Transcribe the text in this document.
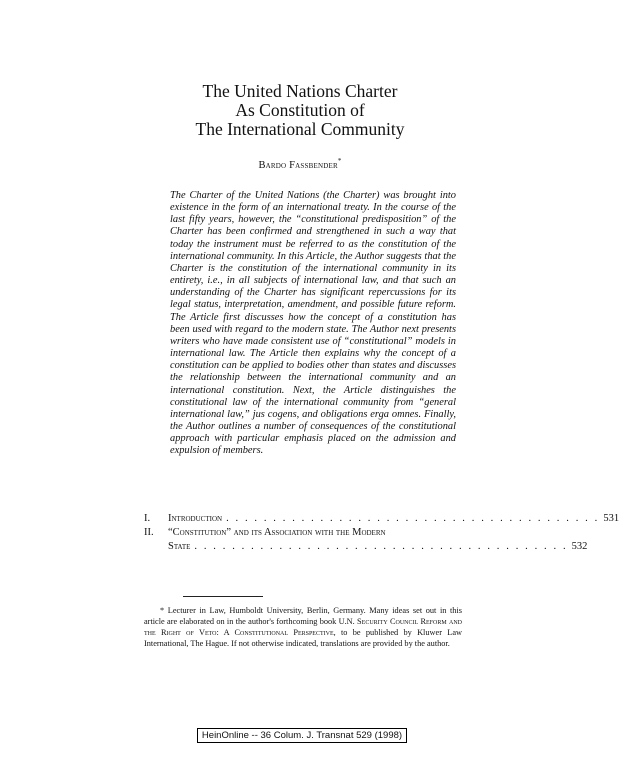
The United Nations Charter
As Constitution of
The International Community
Bardo Fassbender*
The Charter of the United Nations (the Charter) was brought into existence in the form of an international treaty. In the course of the last fifty years, however, the “constitutional predisposition” of the Charter has been confirmed and strengthened in such a way that today the instrument must be referred to as the constitution of the international community. In this Article, the Author suggests that the Charter is the constitution of the international community in its entirety, i.e., in all subjects of international law, and that such an understanding of the Charter has significant repercussions for its legal status, interpretation, amendment, and possible future reform. The Article first discusses how the concept of a constitution has been used with regard to the modern state. The Author next presents writers who have made consistent use of “constitutional” models in international law. The Article then explains why the concept of a constitution can be applied to bodies other than states and discusses the relationship between the international community and an international constitution. Next, the Article distinguishes the constitutional law of the international community from “general international law,” jus cogens, and obligations erga omnes. Finally, the Author outlines a number of consequences of the constitutional approach with particular emphasis placed on the admission and expulsion of members.
I.	Introduction . . . . . . . . . . . . . . . . . . . . . . . . . . . . . . . . . . . . . . . . 531
II.	“Constitution” and its Association with the Modern
State . . . . . . . . . . . . . . . . . . . . . . . . . . . . . . . . . . . . . . . . 532
* Lecturer in Law, Humboldt University, Berlin, Germany. Many ideas set out in this article are elaborated on in the author's forthcoming book U.N. Security Council Reform and the Right of Veto: A Constitutional Perspective, to be published by Kluwer Law International, The Hague. If not otherwise indicated, translations are provided by the author.
HeinOnline -- 36 Colum. J. Transnat 529 (1998)
